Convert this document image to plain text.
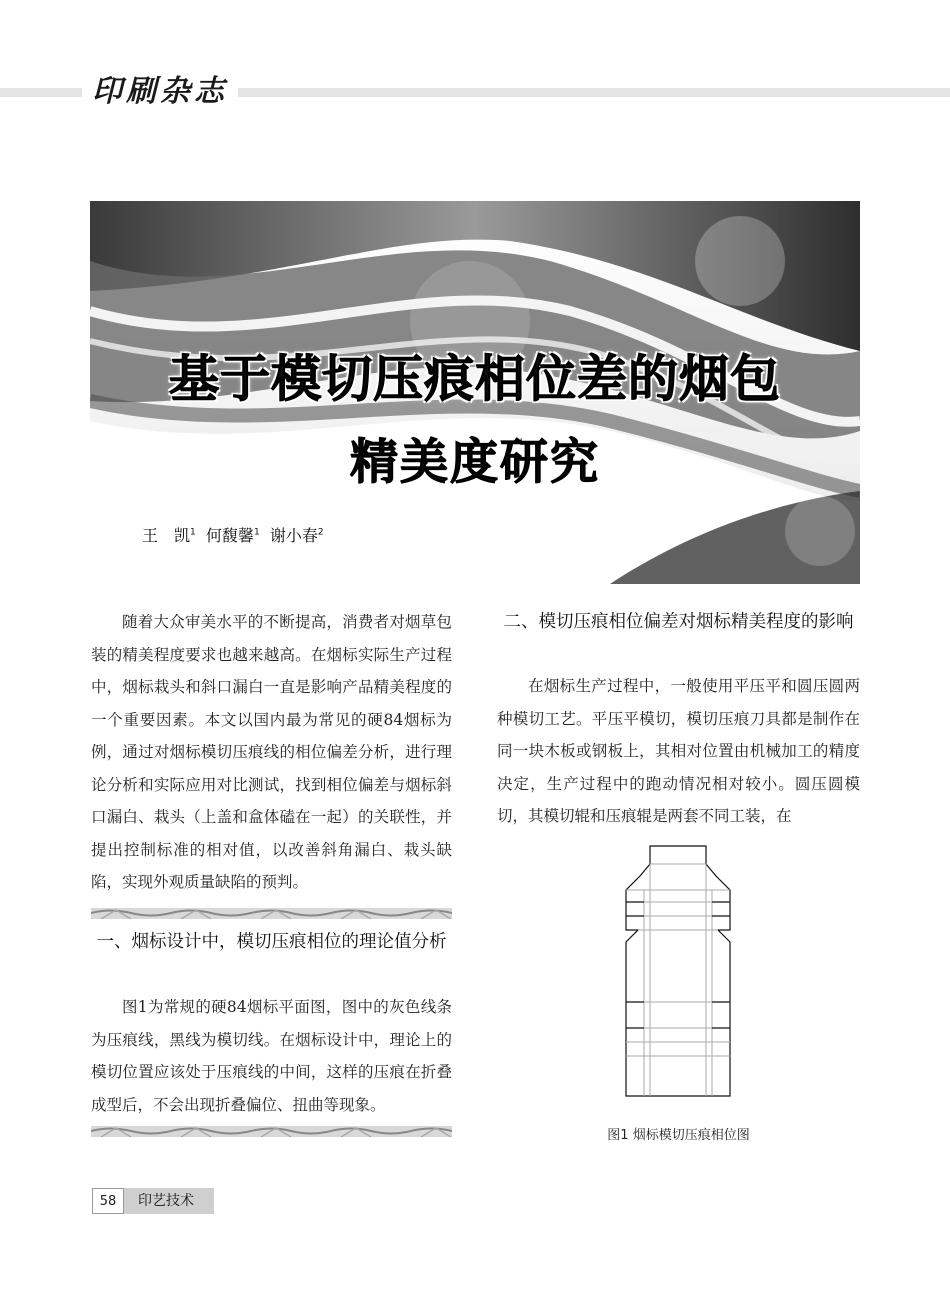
印刷杂志
基于模切压痕相位差的烟包
精美度研究
王　凯$^1$ 何馥馨$^1$ 谢小春$^2$

随着大众审美水平的不断提高，消费者对烟草包装的精美程度要求也越来越高。在烟标实际生产过程中，烟标栽头和斜口漏白一直是影响产品精美程度的一个重要因素。本文以国内最为常见的硬84烟标为例，通过对烟标模切压痕线的相位偏差分析，进行理论分析和实际应用对比测试，找到相位偏差与烟标斜口漏白、栽头（上盖和盒体磕在一起）的关联性，并提出控制标准的相对值，以改善斜角漏白、栽头缺陷，实现外观质量缺陷的预判。

一、烟标设计中，模切压痕相位的理论值分析

图1为常规的硬84烟标平面图，图中的灰色线条为压痕线，黑线为模切线。在烟标设计中，理论上的模切位置应该处于压痕线的中间，这样的压痕在折叠成型后，不会出现折叠偏位、扭曲等现象。

二、模切压痕相位偏差对烟标精美程度的影响

在烟标生产过程中，一般使用平压平和圆压圆两种模切工艺。平压平模切，模切压痕刀具都是制作在同一块木板或钢板上，其相对位置由机械加工的精度决定，生产过程中的跑动情况相对较小。圆压圆模切，其模切辊和压痕辊是两套不同工装，在

图1 烟标模切压痕相位图
58	印艺技术
